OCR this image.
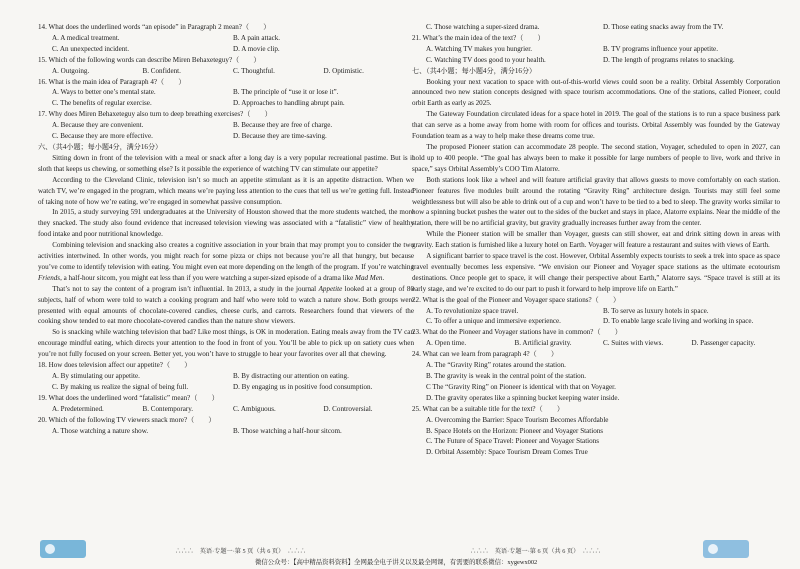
14. What does the underlined words “an episode” in Paragraph 2 mean?（　　）

A. A medical treatment.	B. A pain attack.
C. An unexpected incident.	D. A movie clip.

15. Which of the following words can describe Miren Behaxeteguy?（　　）

A. Outgoing.	B. Confident.	C. Thoughtful.	D. Optimistic.

16. What is the main idea of Paragraph 4?（　　）

A. Ways to better one’s mental state.	B. The principle of “use it or lose it”.
C. The benefits of regular exercise.	D. Approaches to handling abrupt pain.

17. Why does Miren Behaxeteguy also turn to deep breathing exercises?（　　）

A. Because they are convenient.	B. Because they are free of charge.
C. Because they are more effective.	D. Because they are time-saving.

六、（共4小题；每小题4分，满分16分）

Sitting down in front of the television with a meal or snack after a long day is a very popular recreational pastime. But is it sloth that keeps us chewing, or something else? Is it possible the experience of watching TV can stimulate our appetite?

According to the Cleveland Clinic, television isn’t so much an appetite stimulant as it is an appetite distraction. When we watch TV, we’re engaged in the program, which means we’re paying less attention to the cues that tell us we’re getting full. Instead of taking note of how we’re eating, we’re engaged in somewhat passive consumption.

In 2015, a study surveying 591 undergraduates at the University of Houston showed that the more students watched, the more they snacked. The study also found evidence that increased television viewing was associated with a “fatalistic” view of healthy food intake and poor nutritional knowledge.

Combining television and snacking also creates a cognitive association in your brain that may prompt you to consider the two activities intertwined. In other words, you might reach for some pizza or chips not because you’re all that hungry, but because you’ve come to identify television with eating. You might even eat more depending on the length of the program. If you’re watching Friends, a half-hour sitcom, you might eat less than if you were watching a super-sized episode of a drama like Mad Men.

That’s not to say the content of a program isn’t influential. In 2013, a study in the journal Appetite looked at a group of 80 subjects, half of whom were told to watch a cooking program and half who were told to watch a nature show. Both groups were presented with equal amounts of chocolate-covered candies, cheese curls, and carrots. Researchers found that viewers of the cooking show tended to eat more chocolate-covered candies than the nature show viewers.

So is snacking while watching television that bad? Like most things, is OK in moderation. Eating meals away from the TV can encourage mindful eating, which directs your attention to the food in front of you. You’ll be able to pick up on satiety cues when you’re not fully focused on your screen. Better yet, you won’t have to struggle to hear your favorites over all that chewing.

18. How does television affect our appetite?（　　）

A. By stimulating our appetite.	B. By distracting our attention on eating.
C. By making us realize the signal of being full.	D. By engaging us in positive food consumption.

19. What does the underlined word “fatalistic” mean?（　　）

A. Predetermined.	B. Contemporary.	C. Ambiguous.	D. Controversial.

20. Which of the following TV viewers snack more?（　　）

A. Those watching a nature show.	B. Those watching a half-hour sitcom.
C. Those watching a super-sized drama.	D. Those eating snacks away from the TV.

21. What’s the main idea of the text?（　　）

A. Watching TV makes you hungrier.	B. TV programs influence your appetite.
C. Watching TV does good to your health.	D. The length of programs relates to snacking.

七、（共4小题；每小题4分，满分16分）

Booking your next vacation to space with out-of-this-world views could soon be a reality. Orbital Assembly Corporation announced two new station concepts designed with space tourism accommodations. One of the stations, called Pioneer, could orbit Earth as early as 2025.

The Gateway Foundation circulated ideas for a space hotel in 2019. The goal of the stations is to run a space business park that can serve as a home away from home with room for offices and tourists. Orbital Assembly was founded by the Gateway Foundation team as a way to help make these dreams come true.

The proposed Pioneer station can accommodate 28 people. The second station, Voyager, scheduled to open in 2027, can hold up to 400 people. “The goal has always been to make it possible for large numbers of people to live, work and thrive in space,” says Orbital Assembly’s COO Tim Alatorre.

Both stations look like a wheel and will feature artificial gravity that allows guests to move comfortably on each station. Pioneer features five modules built around the rotating “Gravity Ring” architecture design. Tourists may still feel some weightlessness but will also be able to drink out of a cup and won’t have to be tied to a bed to sleep. The gravity works similar to how a spinning bucket pushes the water out to the sides of the bucket and stays in place, Alatorre explains. Near the middle of the station, there will be no artificial gravity, but gravity gradually increases further away from the center.

While the Pioneer station will be smaller than Voyager, guests can still shower, eat and drink sitting down in areas with gravity. Each station is furnished like a luxury hotel on Earth. Voyager will feature a restaurant and suites with views of Earth.

A significant barrier to space travel is the cost. However, Orbital Assembly expects tourists to seek a trek into space as space travel eventually becomes less expensive. “We envision our Pioneer and Voyager space stations as the ultimate ecotourism destinations. Once people get to space, it will change their perspective about Earth,” Alatorre says. “Space travel is still at its early stage, and we’re excited to do our part to push it forward to help improve life on Earth.”

22. What is the goal of the Pioneer and Voyager space stations?（　　）

A. To revolutionize space travel.	B. To serve as luxury hotels in space.
C. To offer a unique and immersive experience.	D. To enable large scale living and working in space.

23. What do the Pioneer and Voyager stations have in common?（　　）

A. Open time.	B. Artificial gravity.	C. Suites with views.	D. Passenger capacity.

24. What can we learn from paragraph 4?（　　）

A. The “Gravity Ring” rotates around the station.
B. The gravity is weak in the central point of the station.
C The “Gravity Ring” on Pioneer is identical with that on Voyager.
D. The gravity operates like a spinning bucket keeping water inside.

25. What can be a suitable title for the text?（　　）

A. Overcoming the Barrier: Space Tourism Becomes Affordable
B. Space Hotels on the Horizon: Pioneer and Voyager Stations
C. The Future of Space Travel: Pioneer and Voyager Stations
D. Orbital Assembly: Space Tourism Dream Comes True
∴∴∴　英语·专题一·第 5 页（共 6 页）　∴∴∴	∴∴∴　英语·专题一·第 6 页（共 6 页）　∴∴∴
微信公众号：【高中精品资料资料】全网最全电子讲义以及最全网课，有需要的联系微信：xygewx002
